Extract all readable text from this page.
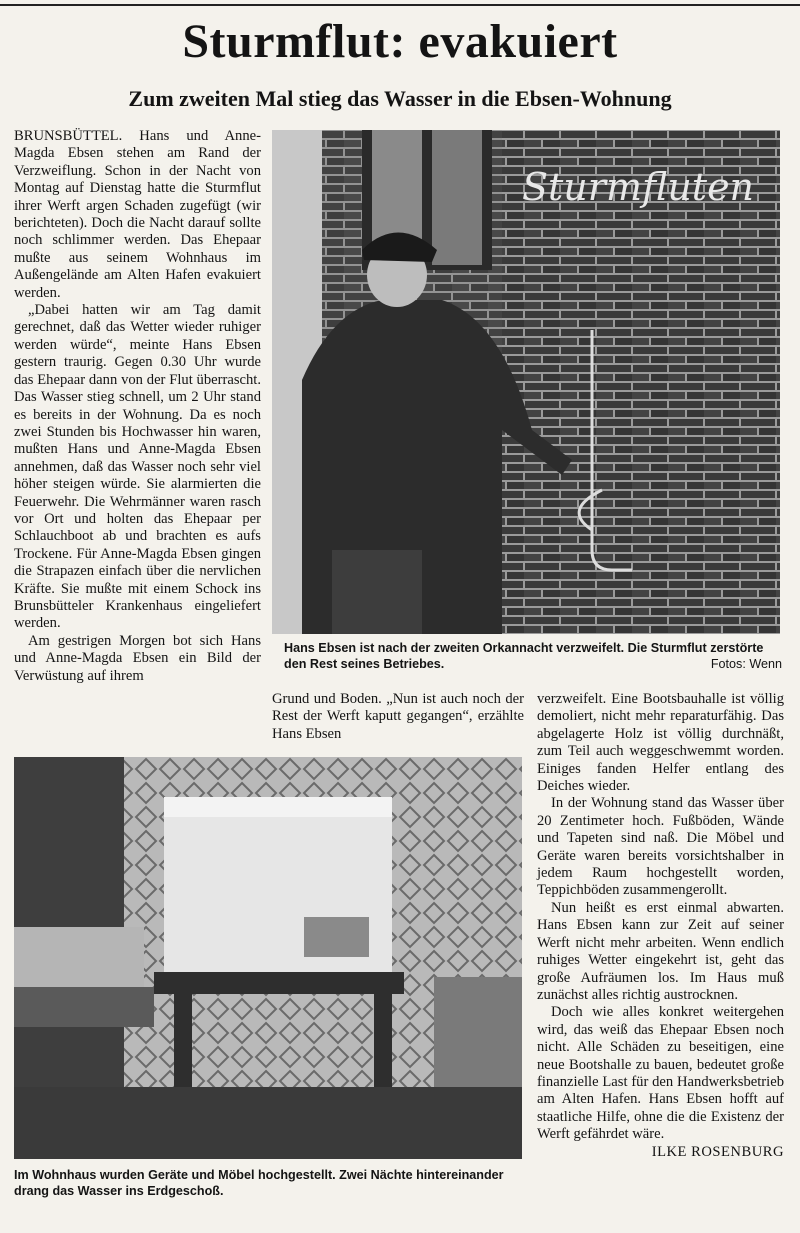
Sturmflut: evakuiert
Zum zweiten Mal stieg das Wasser in die Ebsen-Wohnung

BRUNSBÜTTEL. Hans und Anne-Magda Ebsen stehen am Rand der Verzweiflung. Schon in der Nacht von Montag auf Dienstag hatte die Sturmflut ihrer Werft argen Schaden zugefügt (wir berichteten). Doch die Nacht darauf sollte noch schlimmer werden. Das Ehepaar mußte aus seinem Wohnhaus im Außengelände am Alten Hafen evakuiert werden.

„Dabei hatten wir am Tag damit gerechnet, daß das Wetter wieder ruhiger werden würde“, meinte Hans Ebsen gestern traurig. Gegen 0.30 Uhr wurde das Ehepaar dann von der Flut überrascht. Das Wasser stieg schnell, um 2 Uhr stand es bereits in der Wohnung. Da es noch zwei Stunden bis Hochwasser hin waren, mußten Hans und Anne-Magda Ebsen annehmen, daß das Wasser noch sehr viel höher steigen würde. Sie alarmierten die Feuerwehr. Die Wehrmänner waren rasch vor Ort und holten das Ehepaar per Schlauchboot ab und brachten es aufs Trockene. Für Anne-Magda Ebsen gingen die Strapazen einfach über die nervlichen Kräfte. Sie mußte mit einem Schock ins Brunsbütteler Krankenhaus eingeliefert werden.

Am gestrigen Morgen bot sich Hans und Anne-Magda Ebsen ein Bild der Verwüstung auf ihrem

Sturmfluten
Hans Ebsen ist nach der zweiten Orkannacht verzweifelt. Die Sturmflut zerstörte den Rest seines Betriebes.	Fotos: Wenn

Grund und Boden. „Nun ist auch noch der Rest der Werft kaputt gegangen“, erzählte Hans Ebsen

verzweifelt. Eine Bootsbauhalle ist völlig demoliert, nicht mehr reparaturfähig. Das abgelagerte Holz ist völlig durchnäßt, zum Teil auch weggeschwemmt worden. Einiges fanden Helfer entlang des Deiches wieder.

In der Wohnung stand das Wasser über 20 Zentimeter hoch. Fußböden, Wände und Tapeten sind naß. Die Möbel und Geräte waren bereits vorsichtshalber in jedem Raum hochgestellt worden, Teppichböden zusammengerollt.

Nun heißt es erst einmal abwarten. Hans Ebsen kann zur Zeit auf seiner Werft nicht mehr arbeiten. Wenn endlich ruhiges Wetter eingekehrt ist, geht das große Aufräumen los. Im Haus muß zunächst alles richtig austrocknen.

Doch wie alles konkret weitergehen wird, das weiß das Ehepaar Ebsen noch nicht. Alle Schäden zu beseitigen, eine neue Bootshalle zu bauen, bedeutet große finanzielle Last für den Handwerksbetrieb am Alten Hafen. Hans Ebsen hofft auf staatliche Hilfe, ohne die die Existenz der Werft gefährdet wäre.

ILKE ROSENBURG

Im Wohnhaus wurden Geräte und Möbel hochgestellt. Zwei Nächte hintereinander drang das Wasser ins Erdgeschoß.
